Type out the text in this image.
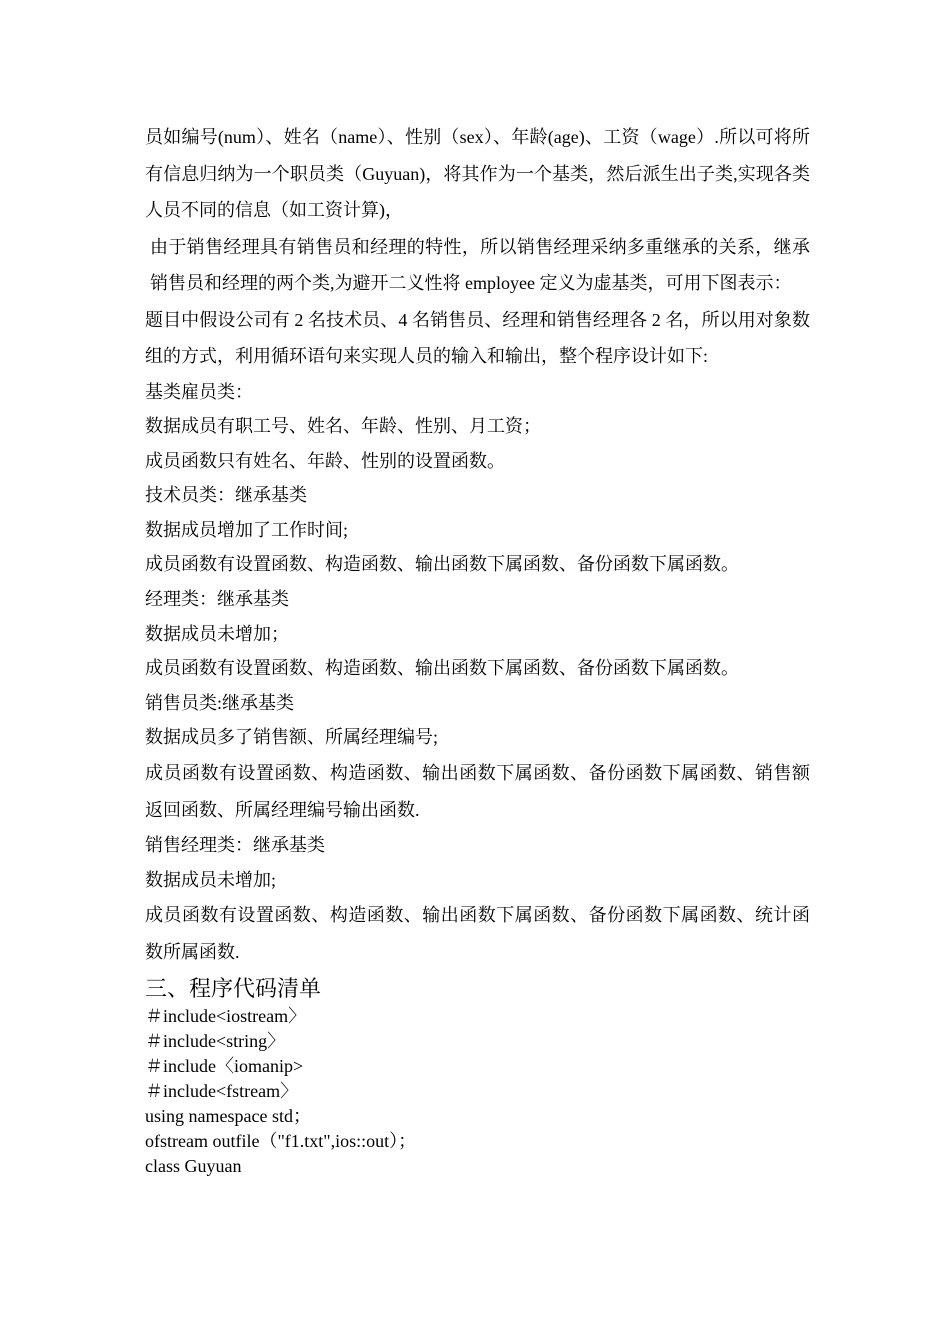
员如编号(num）、姓名（name）、性别（sex）、年龄(age)、工资（wage）.所以可将所有信息归纳为一个职员类（Guyuan)，将其作为一个基类，然后派生出子类,实现各类人员不同的信息（如工资计算)，

由于销售经理具有销售员和经理的特性，所以销售经理采纳多重继承的关系，继承销售员和经理的两个类,为避开二义性将 employee 定义为虚基类，可用下图表示：

题目中假设公司有 2 名技术员、4 名销售员、经理和销售经理各 2 名，所以用对象数组的方式，利用循环语句来实现人员的输入和输出，整个程序设计如下:

基类雇员类：

数据成员有职工号、姓名、年龄、性别、月工资；

成员函数只有姓名、年龄、性别的设置函数。

技术员类：继承基类

数据成员增加了工作时间;

成员函数有设置函数、构造函数、输出函数下属函数、备份函数下属函数。

经理类：继承基类

数据成员未增加；

成员函数有设置函数、构造函数、输出函数下属函数、备份函数下属函数。

销售员类:继承基类

数据成员多了销售额、所属经理编号;

成员函数有设置函数、构造函数、输出函数下属函数、备份函数下属函数、销售额返回函数、所属经理编号输出函数.

销售经理类：继承基类

数据成员未增加;

成员函数有设置函数、构造函数、输出函数下属函数、备份函数下属函数、统计函数所属函数.

三、程序代码清单
＃include<iostream〉
＃include<string〉
＃include〈iomanip>
＃include<fstream〉
using namespace std；
ofstream outfile（"f1.txt",ios::out）；
class Guyuan
